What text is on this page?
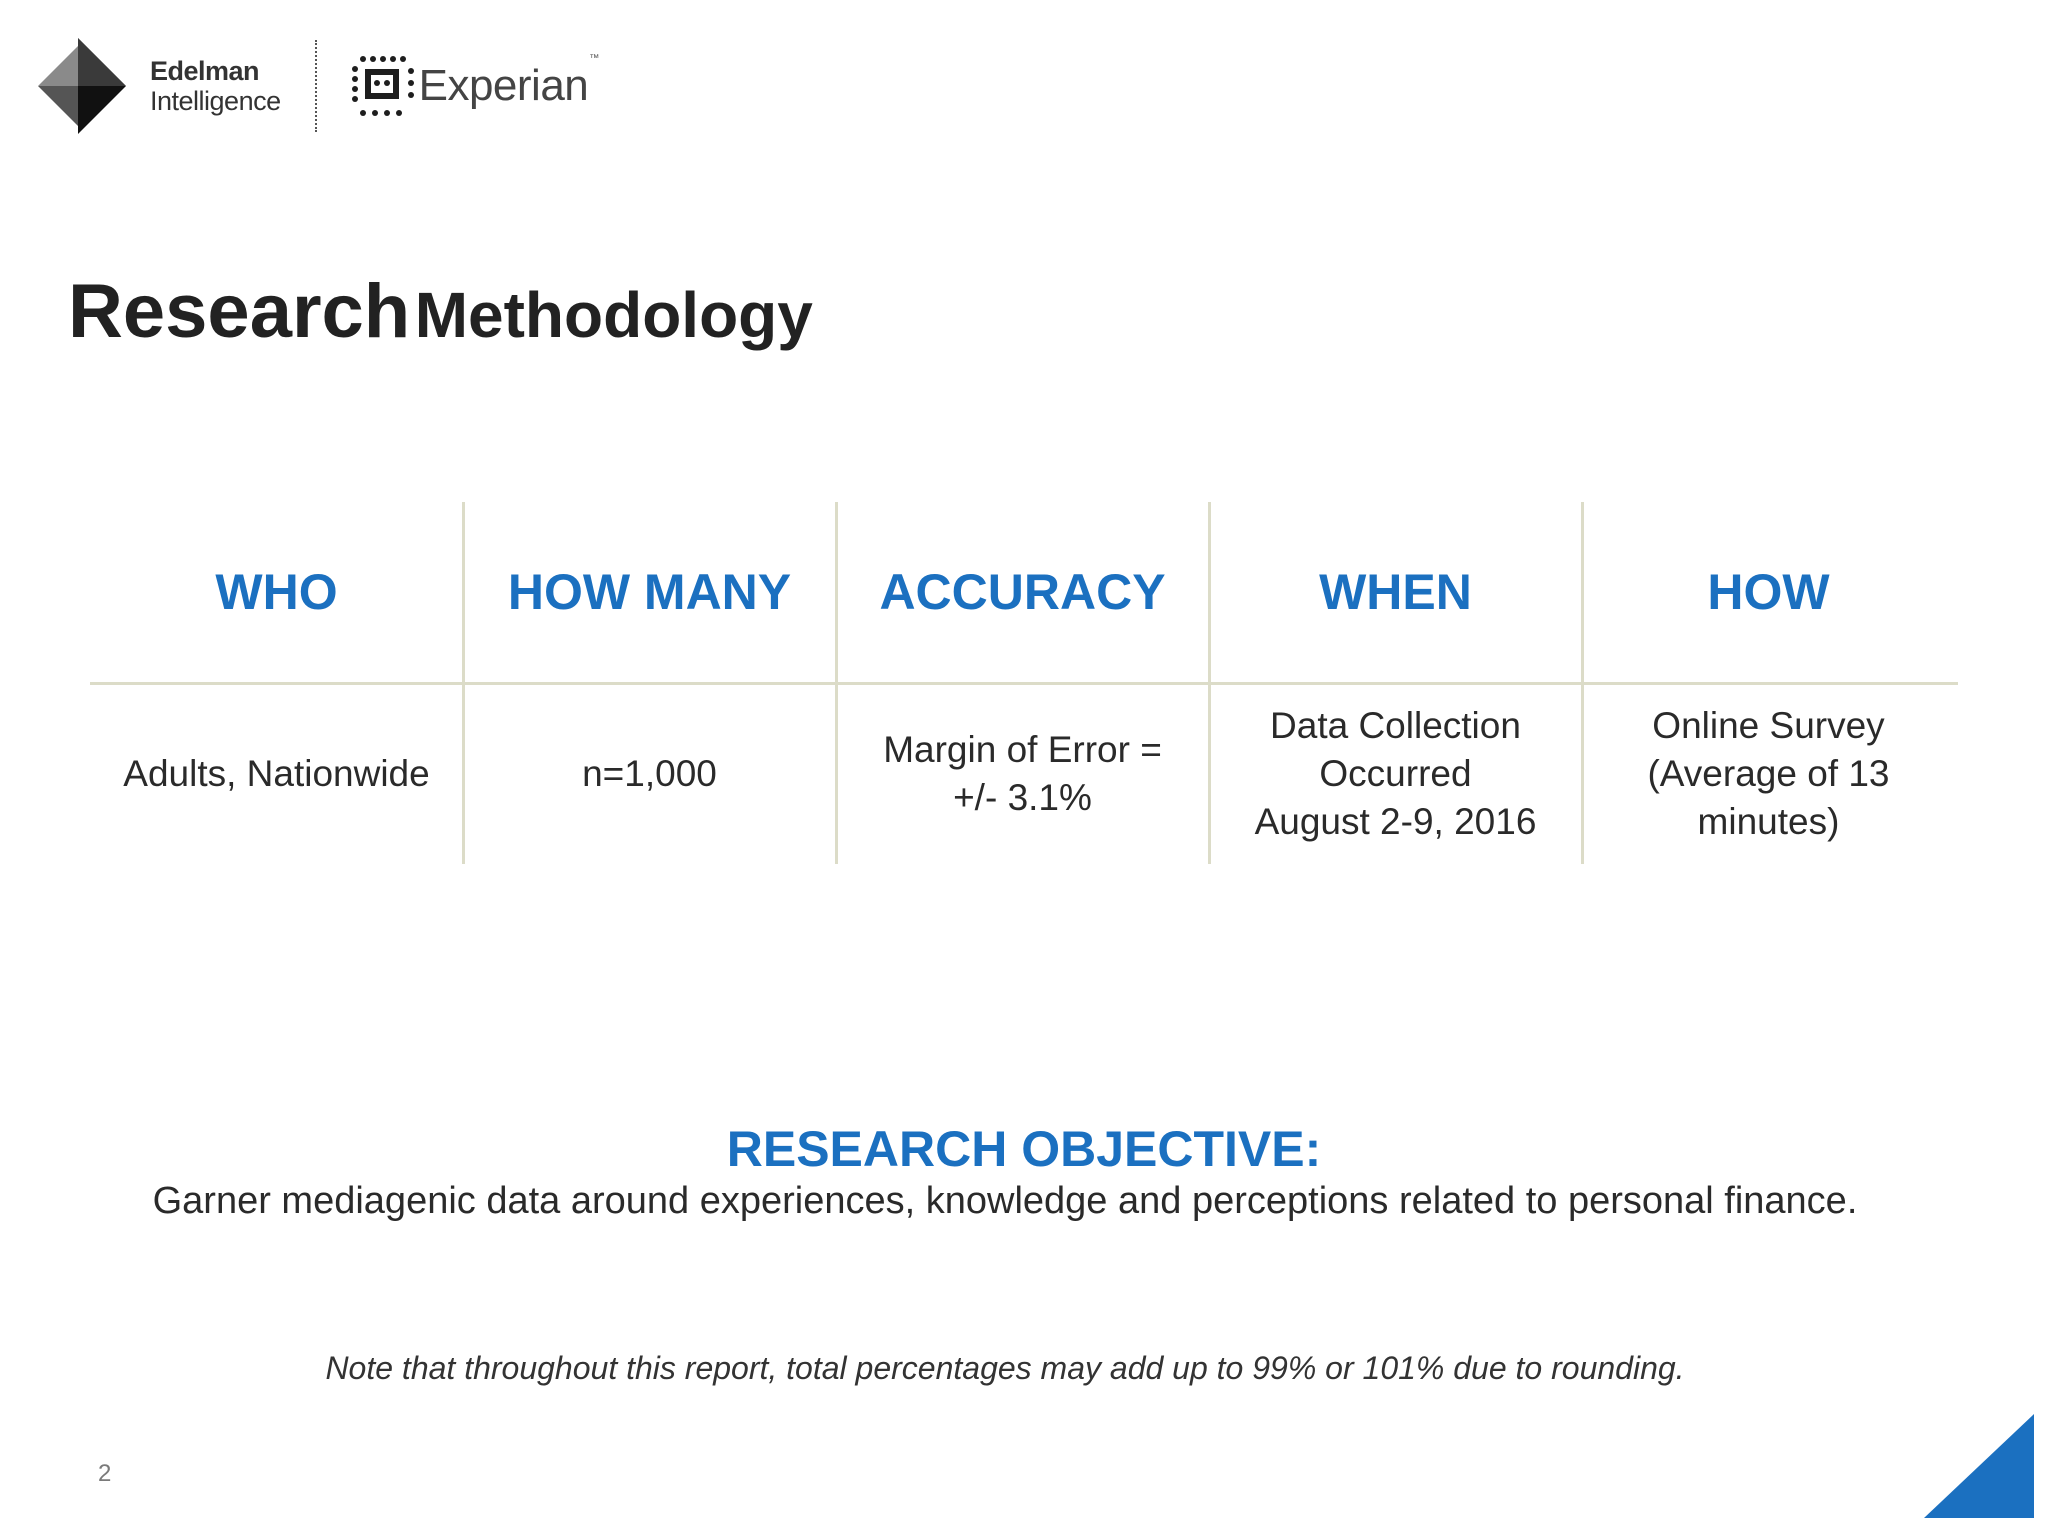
Edelman
Intelligence	Experian™
Research Methodology
WHO
Adults, Nationwide
HOW MANY
n=1,000
ACCURACY
Margin of Error =
+/- 3.1%
WHEN
Data Collection
Occurred
August 2-9, 2016
HOW
Online Survey
(Average of 13
minutes)
RESEARCH OBJECTIVE:
Garner mediagenic data around experiences, knowledge and perceptions related to personal finance.
Note that throughout this report, total percentages may add up to 99% or 101% due to rounding.
2
